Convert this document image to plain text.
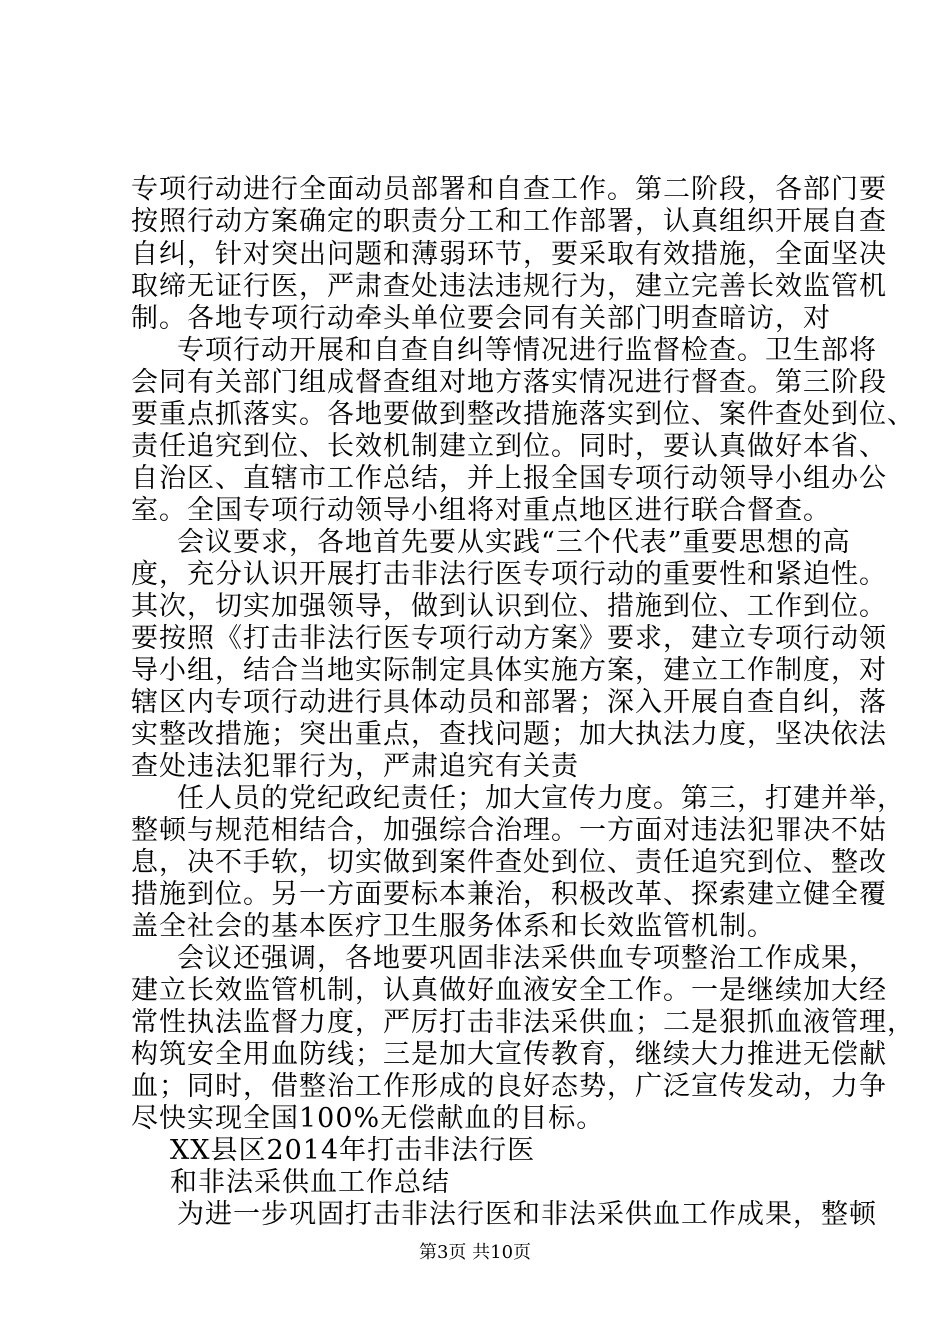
专项行动进行全面动员部署和自查工作。第二阶段，各部门要
按照行动方案确定的职责分工和工作部署，认真组织开展自查
自纠，针对突出问题和薄弱环节，要采取有效措施，全面坚决
取缔无证行医，严肃查处违法违规行为，建立完善长效监管机
制。各地专项行动牵头单位要会同有关部门明查暗访，对
专项行动开展和自查自纠等情况进行监督检查。卫生部将
会同有关部门组成督查组对地方落实情况进行督查。第三阶段
要重点抓落实。各地要做到整改措施落实到位、案件查处到位、
责任追究到位、长效机制建立到位。同时，要认真做好本省、
自治区、直辖市工作总结，并上报全国专项行动领导小组办公
室。全国专项行动领导小组将对重点地区进行联合督查。
会议要求，各地首先要从实践“三个代表”重要思想的高
度，充分认识开展打击非法行医专项行动的重要性和紧迫性。
其次，切实加强领导，做到认识到位、措施到位、工作到位。
要按照《打击非法行医专项行动方案》要求，建立专项行动领
导小组，结合当地实际制定具体实施方案，建立工作制度，对
辖区内专项行动进行具体动员和部署；深入开展自查自纠，落
实整改措施；突出重点，查找问题；加大执法力度，坚决依法
查处违法犯罪行为，严肃追究有关责
任人员的党纪政纪责任；加大宣传力度。第三，打建并举，
整顿与规范相结合，加强综合治理。一方面对违法犯罪决不姑
息，决不手软，切实做到案件查处到位、责任追究到位、整改
措施到位。另一方面要标本兼治，积极改革、探索建立健全覆
盖全社会的基本医疗卫生服务体系和长效监管机制。
会议还强调，各地要巩固非法采供血专项整治工作成果，
建立长效监管机制，认真做好血液安全工作。一是继续加大经
常性执法监督力度，严厉打击非法采供血；二是狠抓血液管理，
构筑安全用血防线；三是加大宣传教育，继续大力推进无偿献
血；同时，借整治工作形成的良好态势，广泛宣传发动，力争
尽快实现全国100%无偿献血的目标。
XX县区2014年打击非法行医
和非法采供血工作总结
为进一步巩固打击非法行医和非法采供血工作成果，整顿
第3页 共10页
